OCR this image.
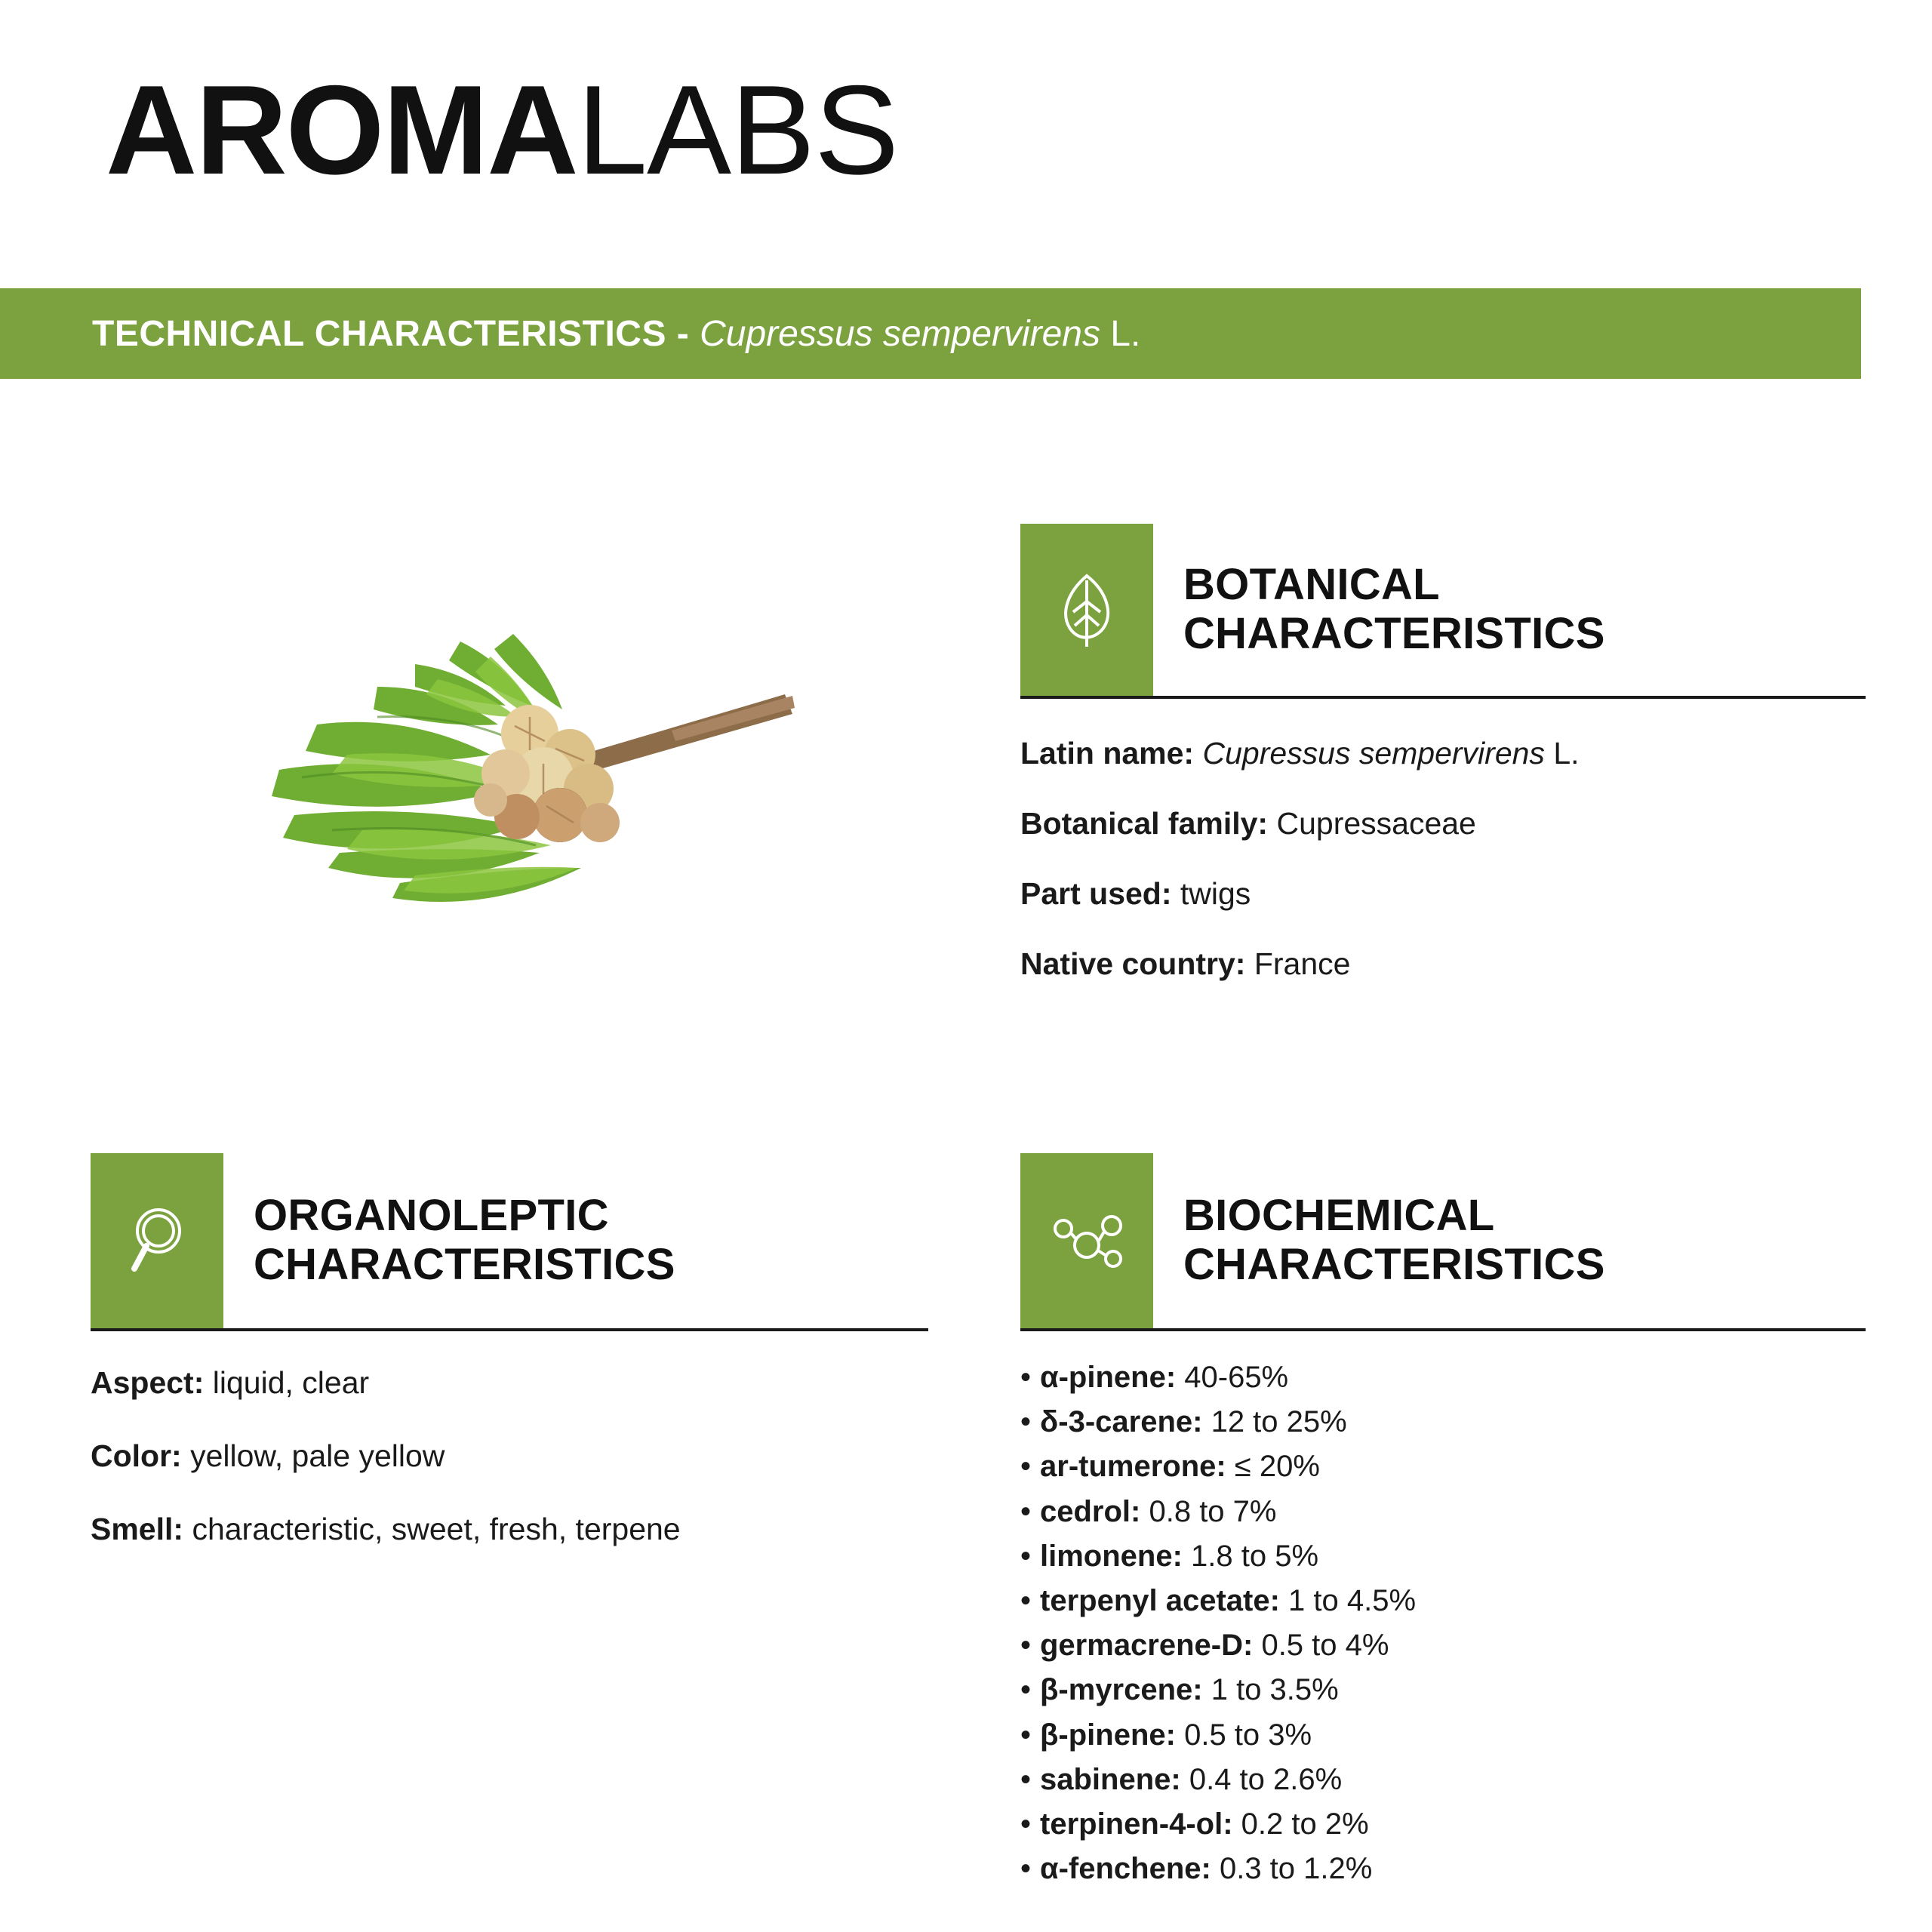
AROMA LABS
TECHNICAL CHARACTERISTICS - Cupressus sempervirens L.
BOTANICAL
CHARACTERISTICS
Latin name: Cupressus sempervirens L.
Botanical family: Cupressaceae
Part used: twigs
Native country: France
ORGANOLEPTIC
CHARACTERISTICS
Aspect: liquid, clear
Color: yellow, pale yellow
Smell: characteristic, sweet, fresh, terpene
BIOCHEMICAL
CHARACTERISTICS
• α-pinene: 40-65%
• δ-3-carene: 12 to 25%
• ar-tumerone: ≤ 20%
• cedrol: 0.8 to 7%
• limonene: 1.8 to 5%
• terpenyl acetate: 1 to 4.5%
• germacrene-D: 0.5 to 4%
• β-myrcene: 1 to 3.5%
• β-pinene: 0.5 to 3%
• sabinene: 0.4 to 2.6%
• terpinen-4-ol: 0.2 to 2%
• α-fenchene: 0.3 to 1.2%
